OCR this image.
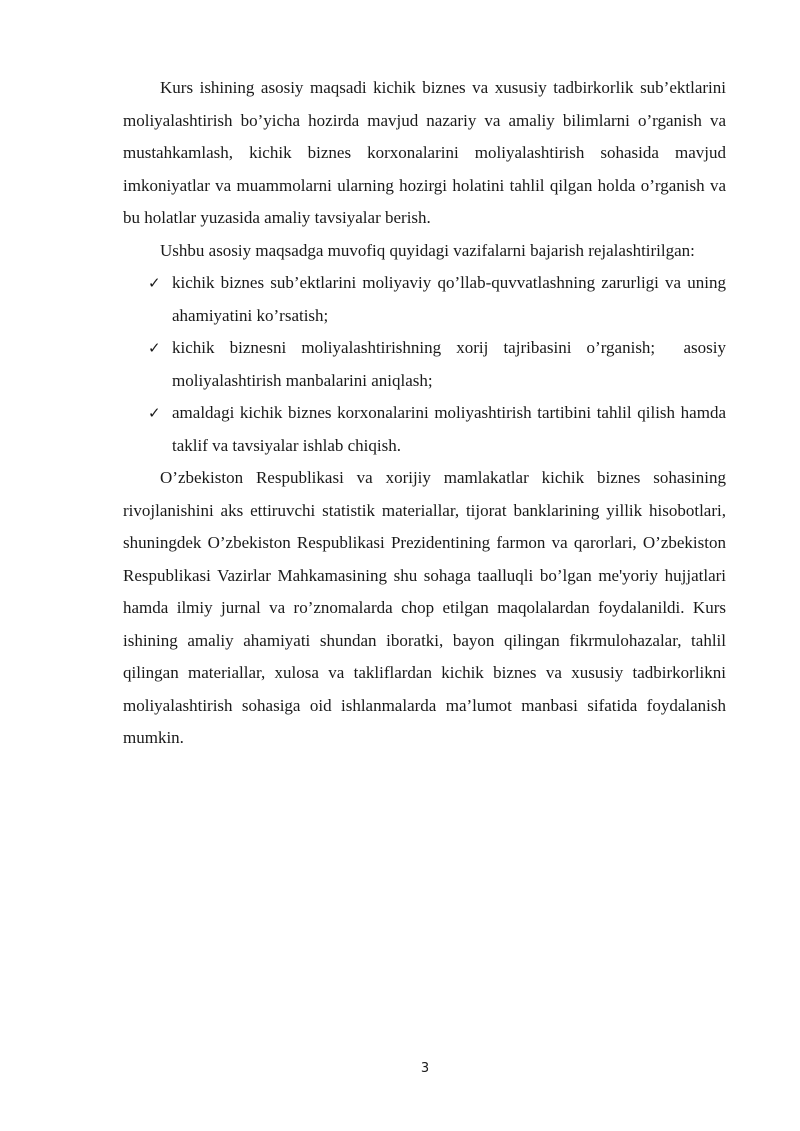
Kurs ishining asosiy maqsadi kichik biznes va xususiy tadbirkorlik sub’ektlarini moliyalashtirish bo’yicha hozirda mavjud nazariy va amaliy bilimlarni o’rganish va mustahkamlash, kichik biznes korxonalarini moliyalashtirish sohasida mavjud imkoniyatlar va muammolarni ularning hozirgi holatini tahlil qilgan holda o’rganish va bu holatlar yuzasida amaliy tavsiyalar berish.

Ushbu asosiy maqsadga muvofiq quyidagi vazifalarni bajarish rejalashtirilgan:

✓ kichik biznes sub’ektlarini moliyaviy qo’llab-quvvatlashning zarurligi va uning ahamiyatini ko’rsatish;
✓ kichik biznesni moliyalashtirishning xorij tajribasini o’rganish; asosiy moliyalashtirish manbalarini aniqlash;
✓ amaldagi kichik biznes korxonalarini moliyashtirish tartibini tahlil qilish hamda taklif va tavsiyalar ishlab chiqish.

O’zbekiston Respublikasi va xorijiy mamlakatlar kichik biznes sohasining rivojlanishini aks ettiruvchi statistik materiallar, tijorat banklarining yillik hisobotlari, shuningdek O’zbekiston Respublikasi Prezidentining farmon va qarorlari, O’zbekiston Respublikasi Vazirlar Mahkamasining shu sohaga taalluqli bo’lgan me'yoriy hujjatlari hamda ilmiy jurnal va ro’znomalarda chop etilgan maqolalardan foydalanildi. Kurs ishining amaliy ahamiyati shundan iboratki, bayon qilingan fikrmulohazalar, tahlil qilingan materiallar, xulosa va takliflardan kichik biznes va xususiy tadbirkorlikni moliyalashtirish sohasiga oid ishlanmalarda ma’lumot manbasi sifatida foydalanish mumkin.

3
